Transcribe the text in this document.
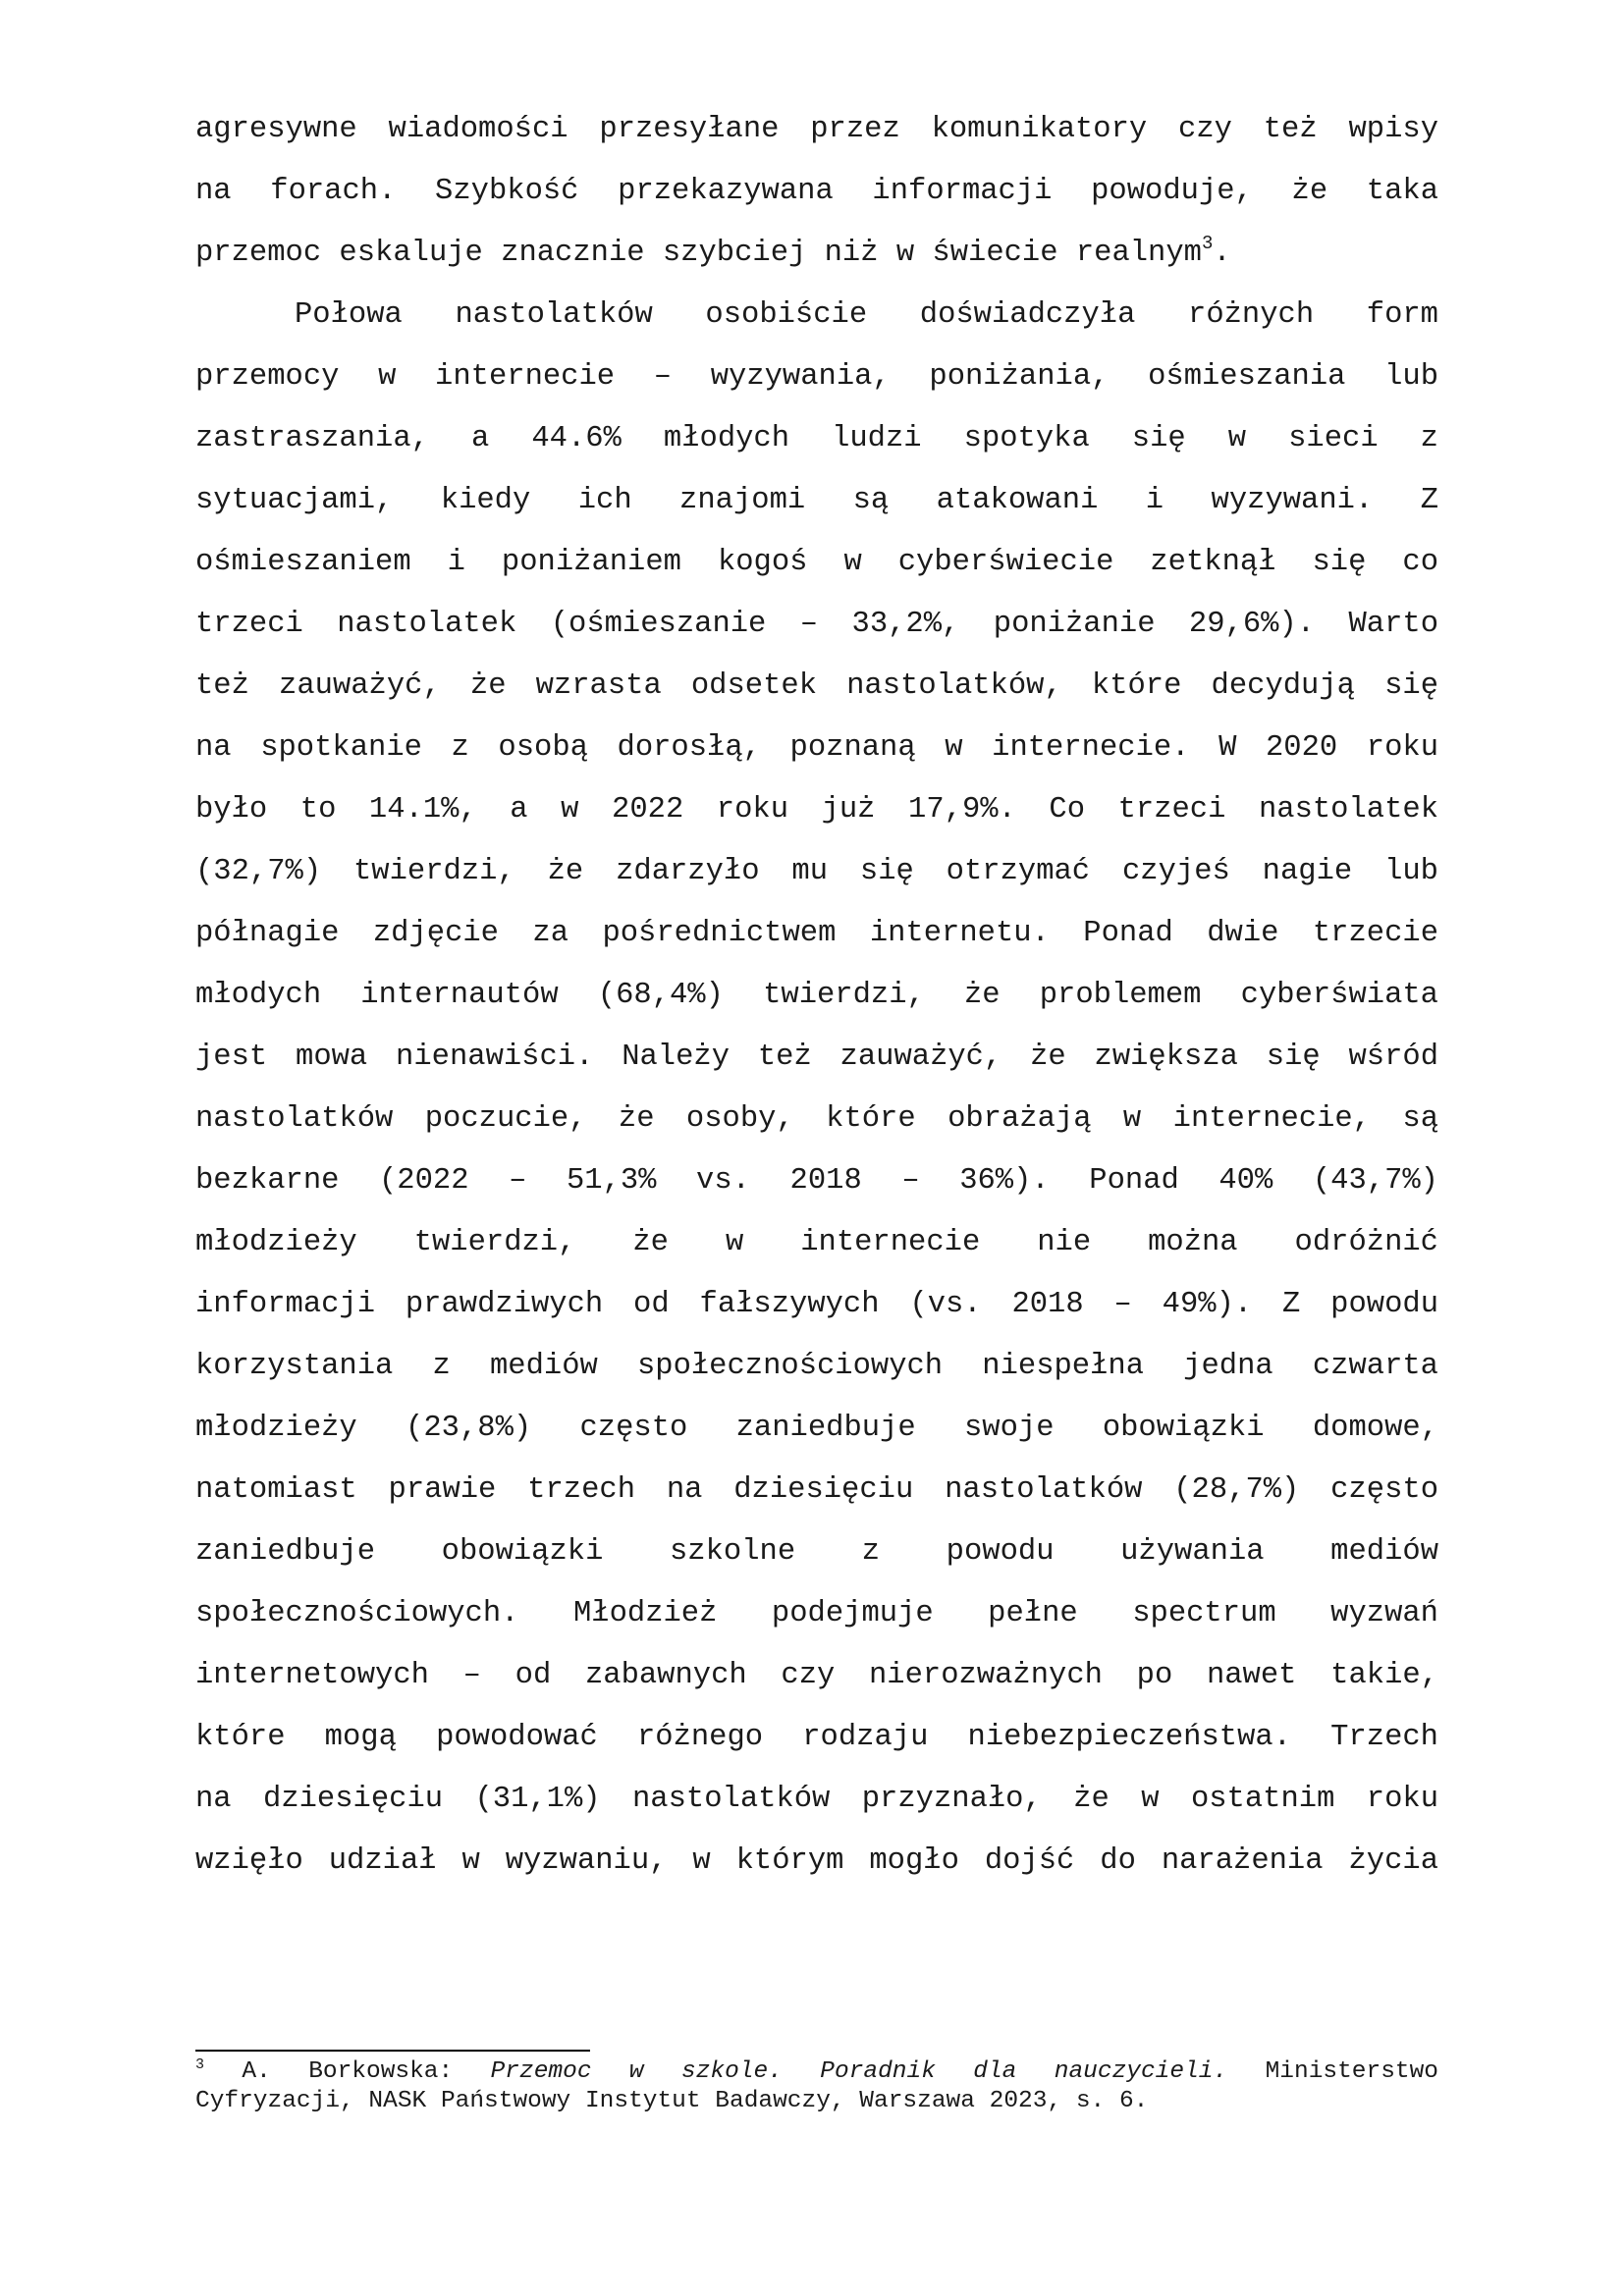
agresywne wiadomości przesyłane przez komunikatory czy też wpisy
na forach. Szybkość przekazywana informacji powoduje, że taka
przemoc eskaluje znacznie szybciej niż w świecie realnym$^3$.
Połowa nastolatków osobiście doświadczyła różnych form
przemocy w internecie – wyzywania, poniżania, ośmieszania lub
zastraszania, a 44.6% młodych ludzi spotyka się w sieci z
sytuacjami, kiedy ich znajomi są atakowani i wyzywani. Z
ośmieszaniem i poniżaniem kogoś w cyberświecie zetknął się co
trzeci nastolatek (ośmieszanie – 33,2%, poniżanie 29,6%). Warto
też zauważyć, że wzrasta odsetek nastolatków, które decydują się
na spotkanie z osobą dorosłą, poznaną w internecie. W 2020 roku
było to 14.1%, a w 2022 roku już 17,9%. Co trzeci nastolatek
(32,7%) twierdzi, że zdarzyło mu się otrzymać czyjeś nagie lub
półnagie zdjęcie za pośrednictwem internetu. Ponad dwie trzecie
młodych internautów (68,4%) twierdzi, że problemem cyberświata
jest mowa nienawiści. Należy też zauważyć, że zwiększa się wśród
nastolatków poczucie, że osoby, które obrażają w internecie, są
bezkarne (2022 – 51,3% vs. 2018 – 36%). Ponad 40% (43,7%)
młodzieży twierdzi, że w internecie nie można odróżnić
informacji prawdziwych od fałszywych (vs. 2018 – 49%). Z powodu
korzystania z mediów społecznościowych niespełna jedna czwarta
młodzieży (23,8%) często zaniedbuje swoje obowiązki domowe,
natomiast prawie trzech na dziesięciu nastolatków (28,7%) często
zaniedbuje obowiązki szkolne z powodu używania mediów
społecznościowych. Młodzież podejmuje pełne spectrum wyzwań
internetowych – od zabawnych czy nierozważnych po nawet takie,
które mogą powodować różnego rodzaju niebezpieczeństwa. Trzech
na dziesięciu (31,1%) nastolatków przyznało, że w ostatnim roku
wzięło udział w wyzwaniu, w którym mogło dojść do narażenia życia
$^3$ A. Borkowska: Przemoc w szkole. Poradnik dla nauczycieli. Ministerstwo
Cyfryzacji, NASK Państwowy Instytut Badawczy, Warszawa 2023, s. 6.
